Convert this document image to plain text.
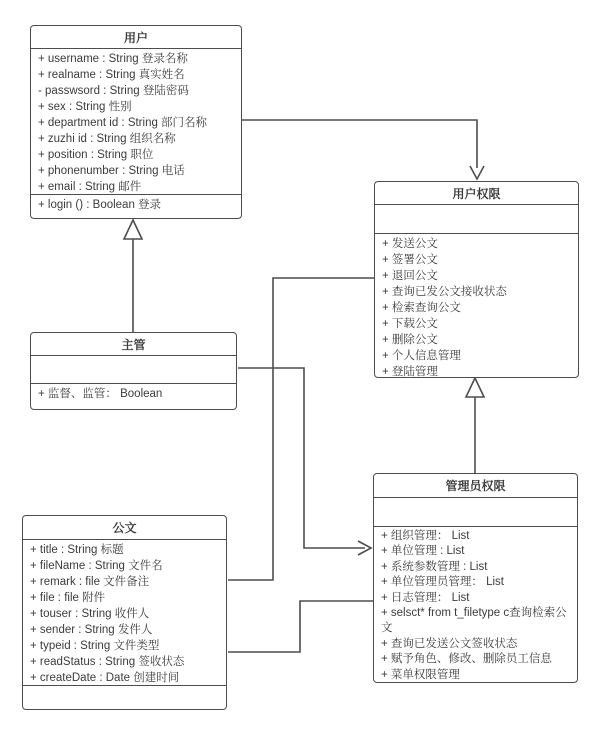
用户
+ username : String 登录名称
+ realname : String 真实姓名
- passwsord : String 登陆密码
+ sex : String 性别
+ department id : String 部门名称
+ zuzhi id : String 组织名称
+ position : String 职位
+ phonenumber : String 电话
+ email : String 邮件
+ login () : Boolean 登录
用户权限
+ 发送公文
+ 签署公文
+ 退回公文
+ 查询已发公文接收状态
+ 检索查询公文
+ 下载公文
+ 删除公文
+ 个人信息管理
+ 登陆管理
主管
+ 监督、监管： Boolean
公文
+ title : String 标题
+ fileName : String 文件名
+ remark : file 文件备注
+ file : file 附件
+ touser : String 收件人
+ sender : String 发件人
+ typeid : String 文件类型
+ readStatus : String 签收状态
+ createDate : Date 创建时间
管理员权限
+ 组织管理： List
+ 单位管理 : List
+ 系统参数管理 : List
+ 单位管理员管理： List
+ 日志管理： List
+ selsct* from t_filetype c查询检索公文
+ 查询已发送公文签收状态
+ 赋予角色、修改、删除员工信息
+ 菜单权限管理
